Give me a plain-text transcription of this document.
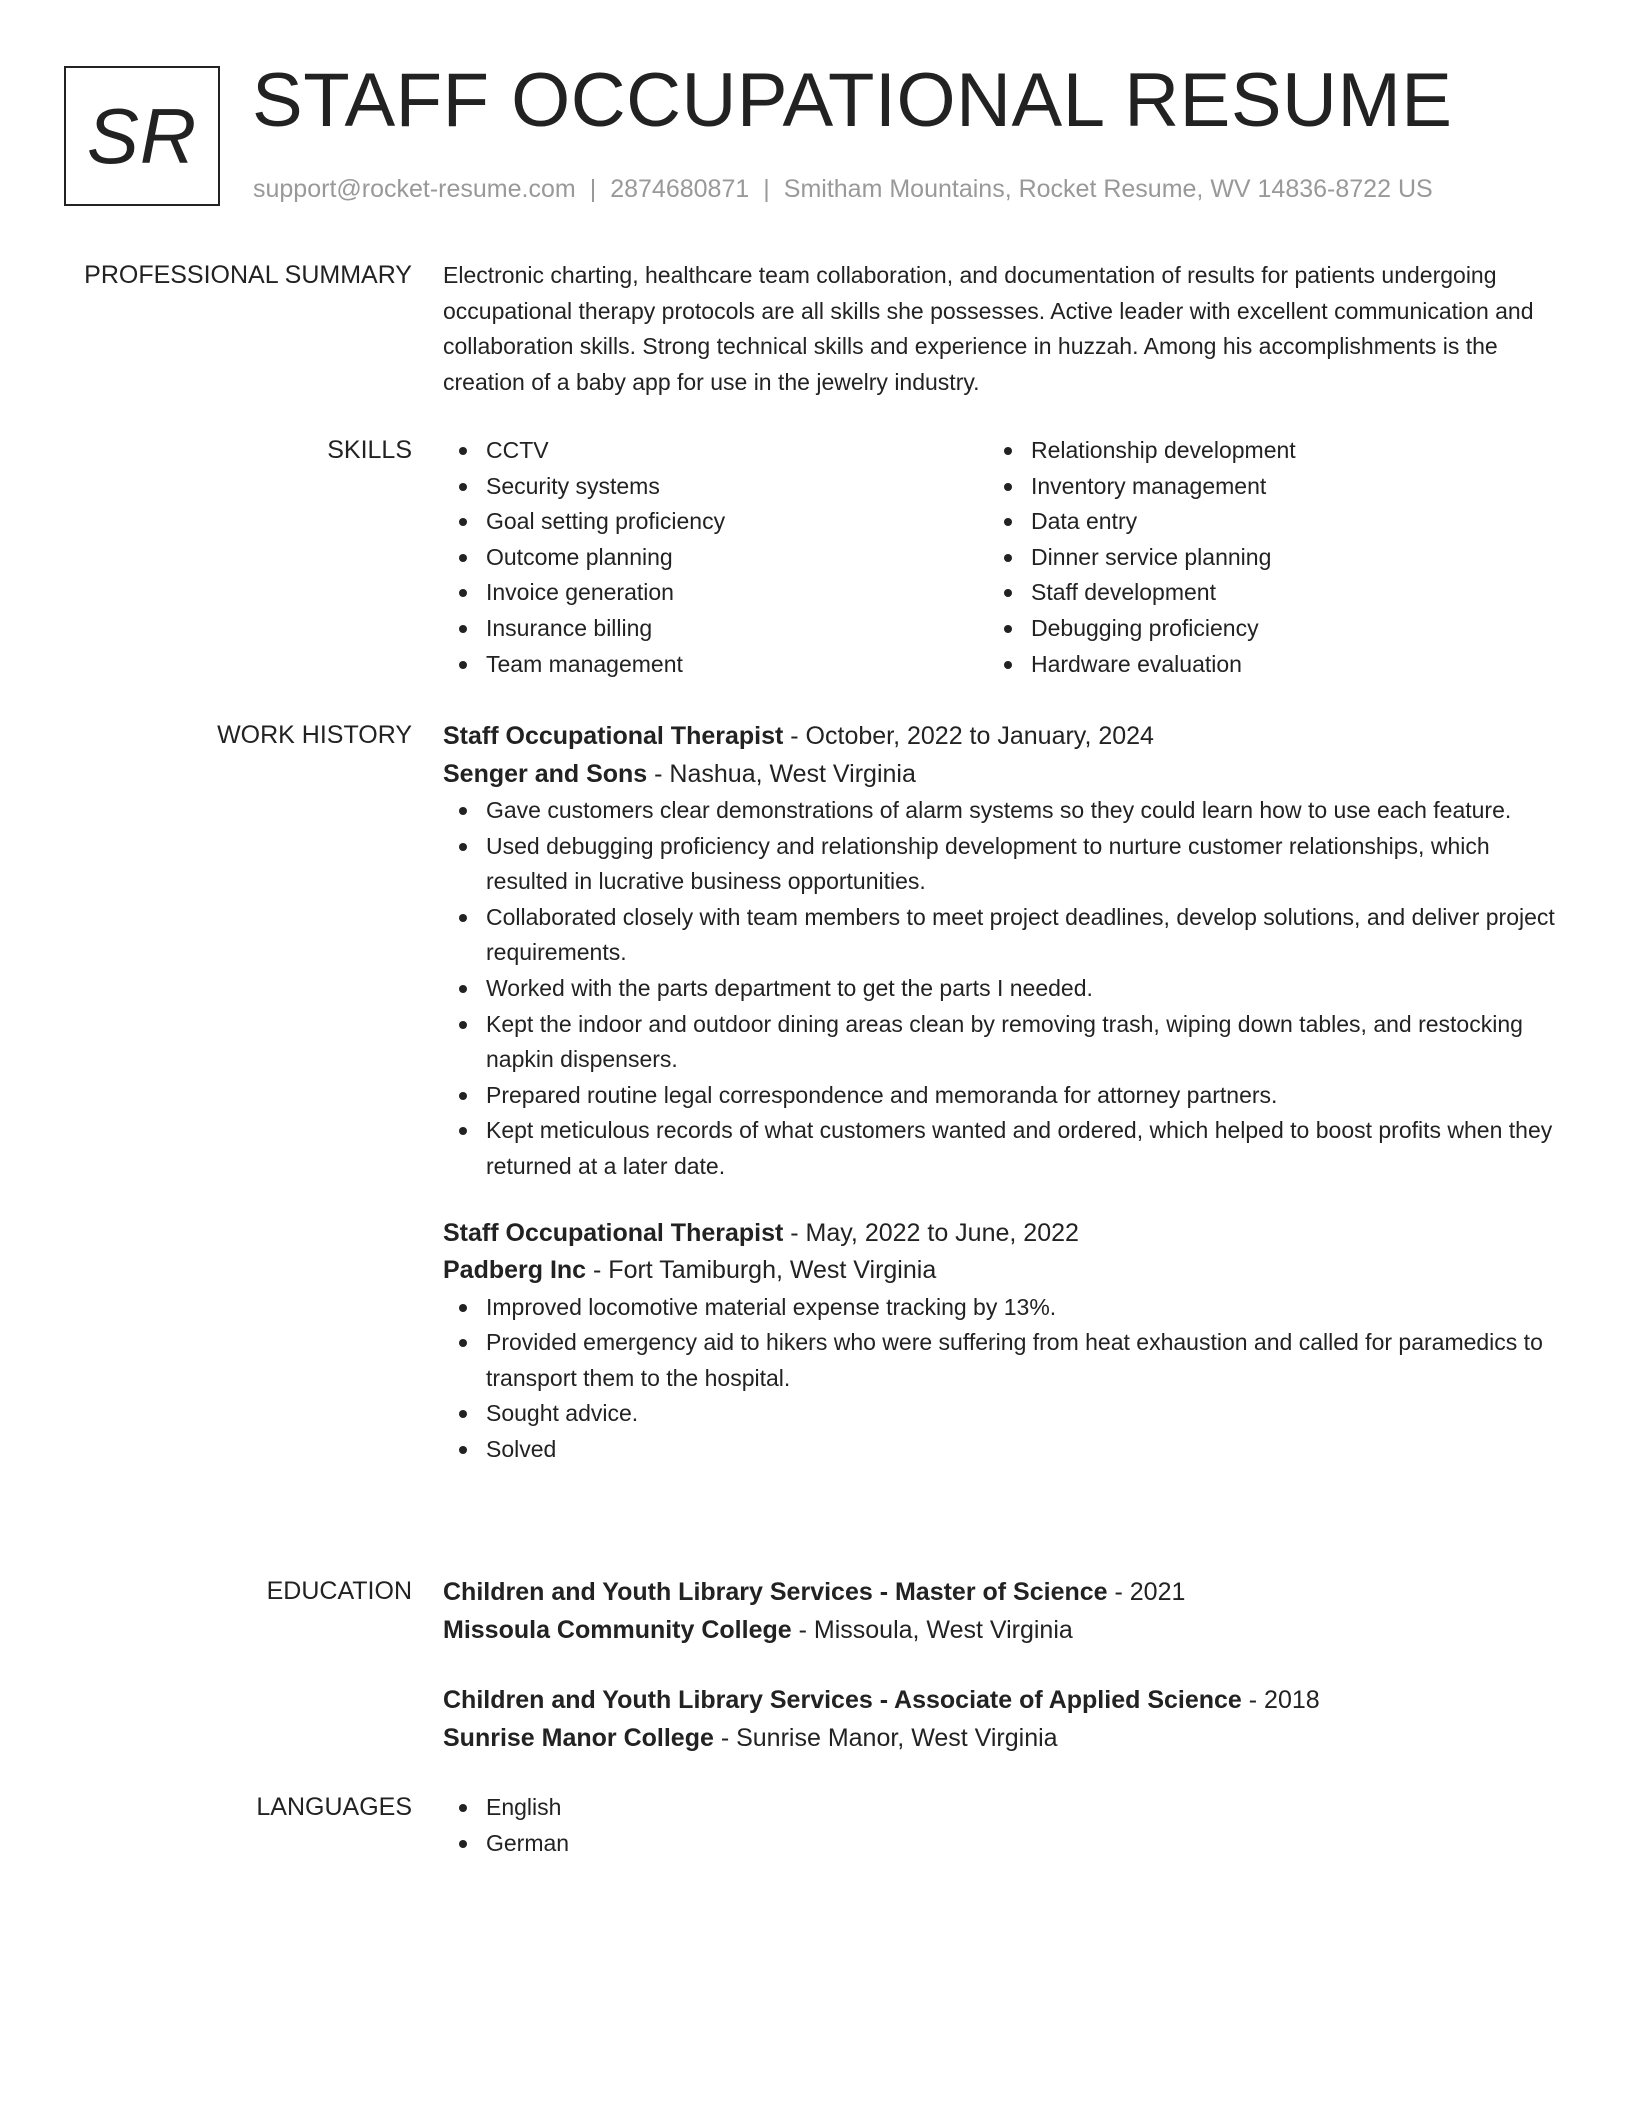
SR STAFF OCCUPATIONAL RESUME
support@rocket-resume.com | 2874680871 | Smitham Mountains, Rocket Resume, WV 14836-8722 US
PROFESSIONAL SUMMARY Electronic charting, healthcare team collaboration, and documentation of results for patients undergoing occupational therapy protocols are all skills she possesses. Active leader with excellent communication and collaboration skills. Strong technical skills and experience in huzzah. Among his accomplishments is the creation of a baby app for use in the jewelry industry.

SKILLS	CCTV
Security systems
Goal setting proficiency
Outcome planning
Invoice generation
Insurance billing
Team management
Relationship development
Inventory management
Data entry
Dinner service planning
Staff development
Debugging proficiency
Hardware evaluation
WORK HISTORY Staff Occupational Therapist - October, 2022 to January, 2024
Senger and Sons - Nashua, West Virginia
Gave customers clear demonstrations of alarm systems so they could learn how to use each feature.
Used debugging proficiency and relationship development to nurture customer relationships, which resulted in lucrative business opportunities.
Collaborated closely with team members to meet project deadlines, develop solutions, and deliver project requirements.
Worked with the parts department to get the parts I needed.
Kept the indoor and outdoor dining areas clean by removing trash, wiping down tables, and restocking napkin dispensers.
Prepared routine legal correspondence and memoranda for attorney partners.
Kept meticulous records of what customers wanted and ordered, which helped to boost profits when they returned at a later date.
Staff Occupational Therapist - May, 2022 to June, 2022
Padberg Inc - Fort Tamiburgh, West Virginia
Improved locomotive material expense tracking by 13%.
Provided emergency aid to hikers who were suffering from heat exhaustion and called for paramedics to transport them to the hospital.
Sought advice.
Solved
EDUCATION Children and Youth Library Services - Master of Science - 2021
Missoula Community College - Missoula, West Virginia
Children and Youth Library Services - Associate of Applied Science - 2018
Sunrise Manor College - Sunrise Manor, West Virginia
LANGUAGES	English
German
